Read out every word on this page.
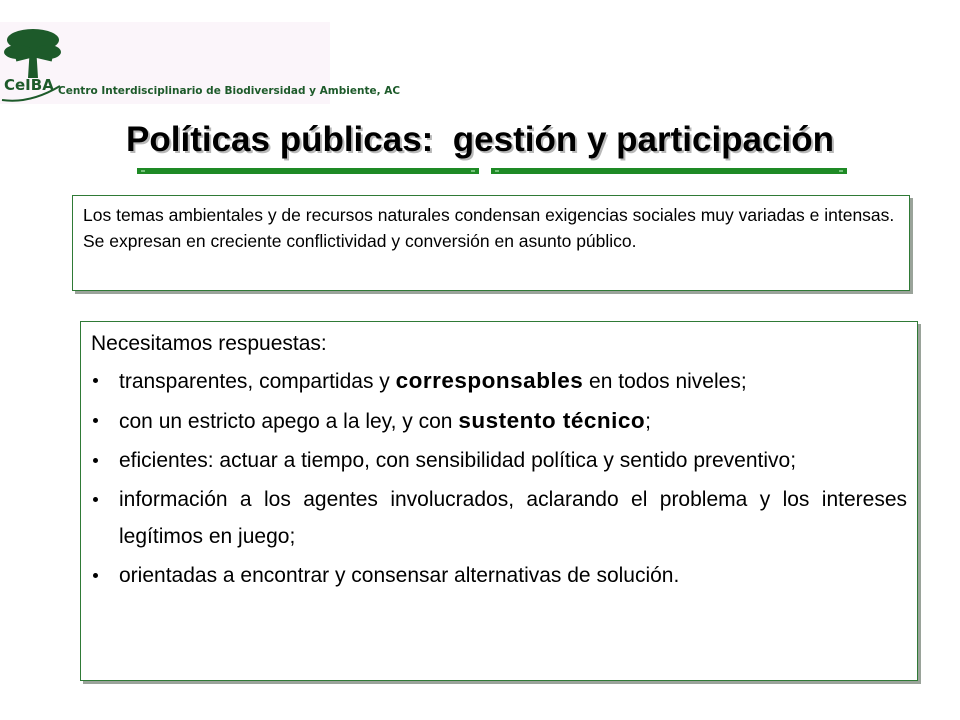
CeIBA Centro Interdisciplinario de Biodiversidad y Ambiente, AC
Políticas públicas:  gestión y participación

Los temas ambientales y de recursos naturales condensan exigencias sociales muy variadas e intensas.

Se expresan en creciente conflictividad y conversión en asunto público.

Necesitamos respuestas:

transparentes, compartidas y corresponsables en todos niveles;
con un estricto apego a la ley, y con sustento técnico;
eficientes: actuar a tiempo, con sensibilidad política y sentido preventivo;
información a los agentes involucrados, aclarando el problema y los intereses legítimos en juego;
orientadas a encontrar y consensar alternativas de solución.
